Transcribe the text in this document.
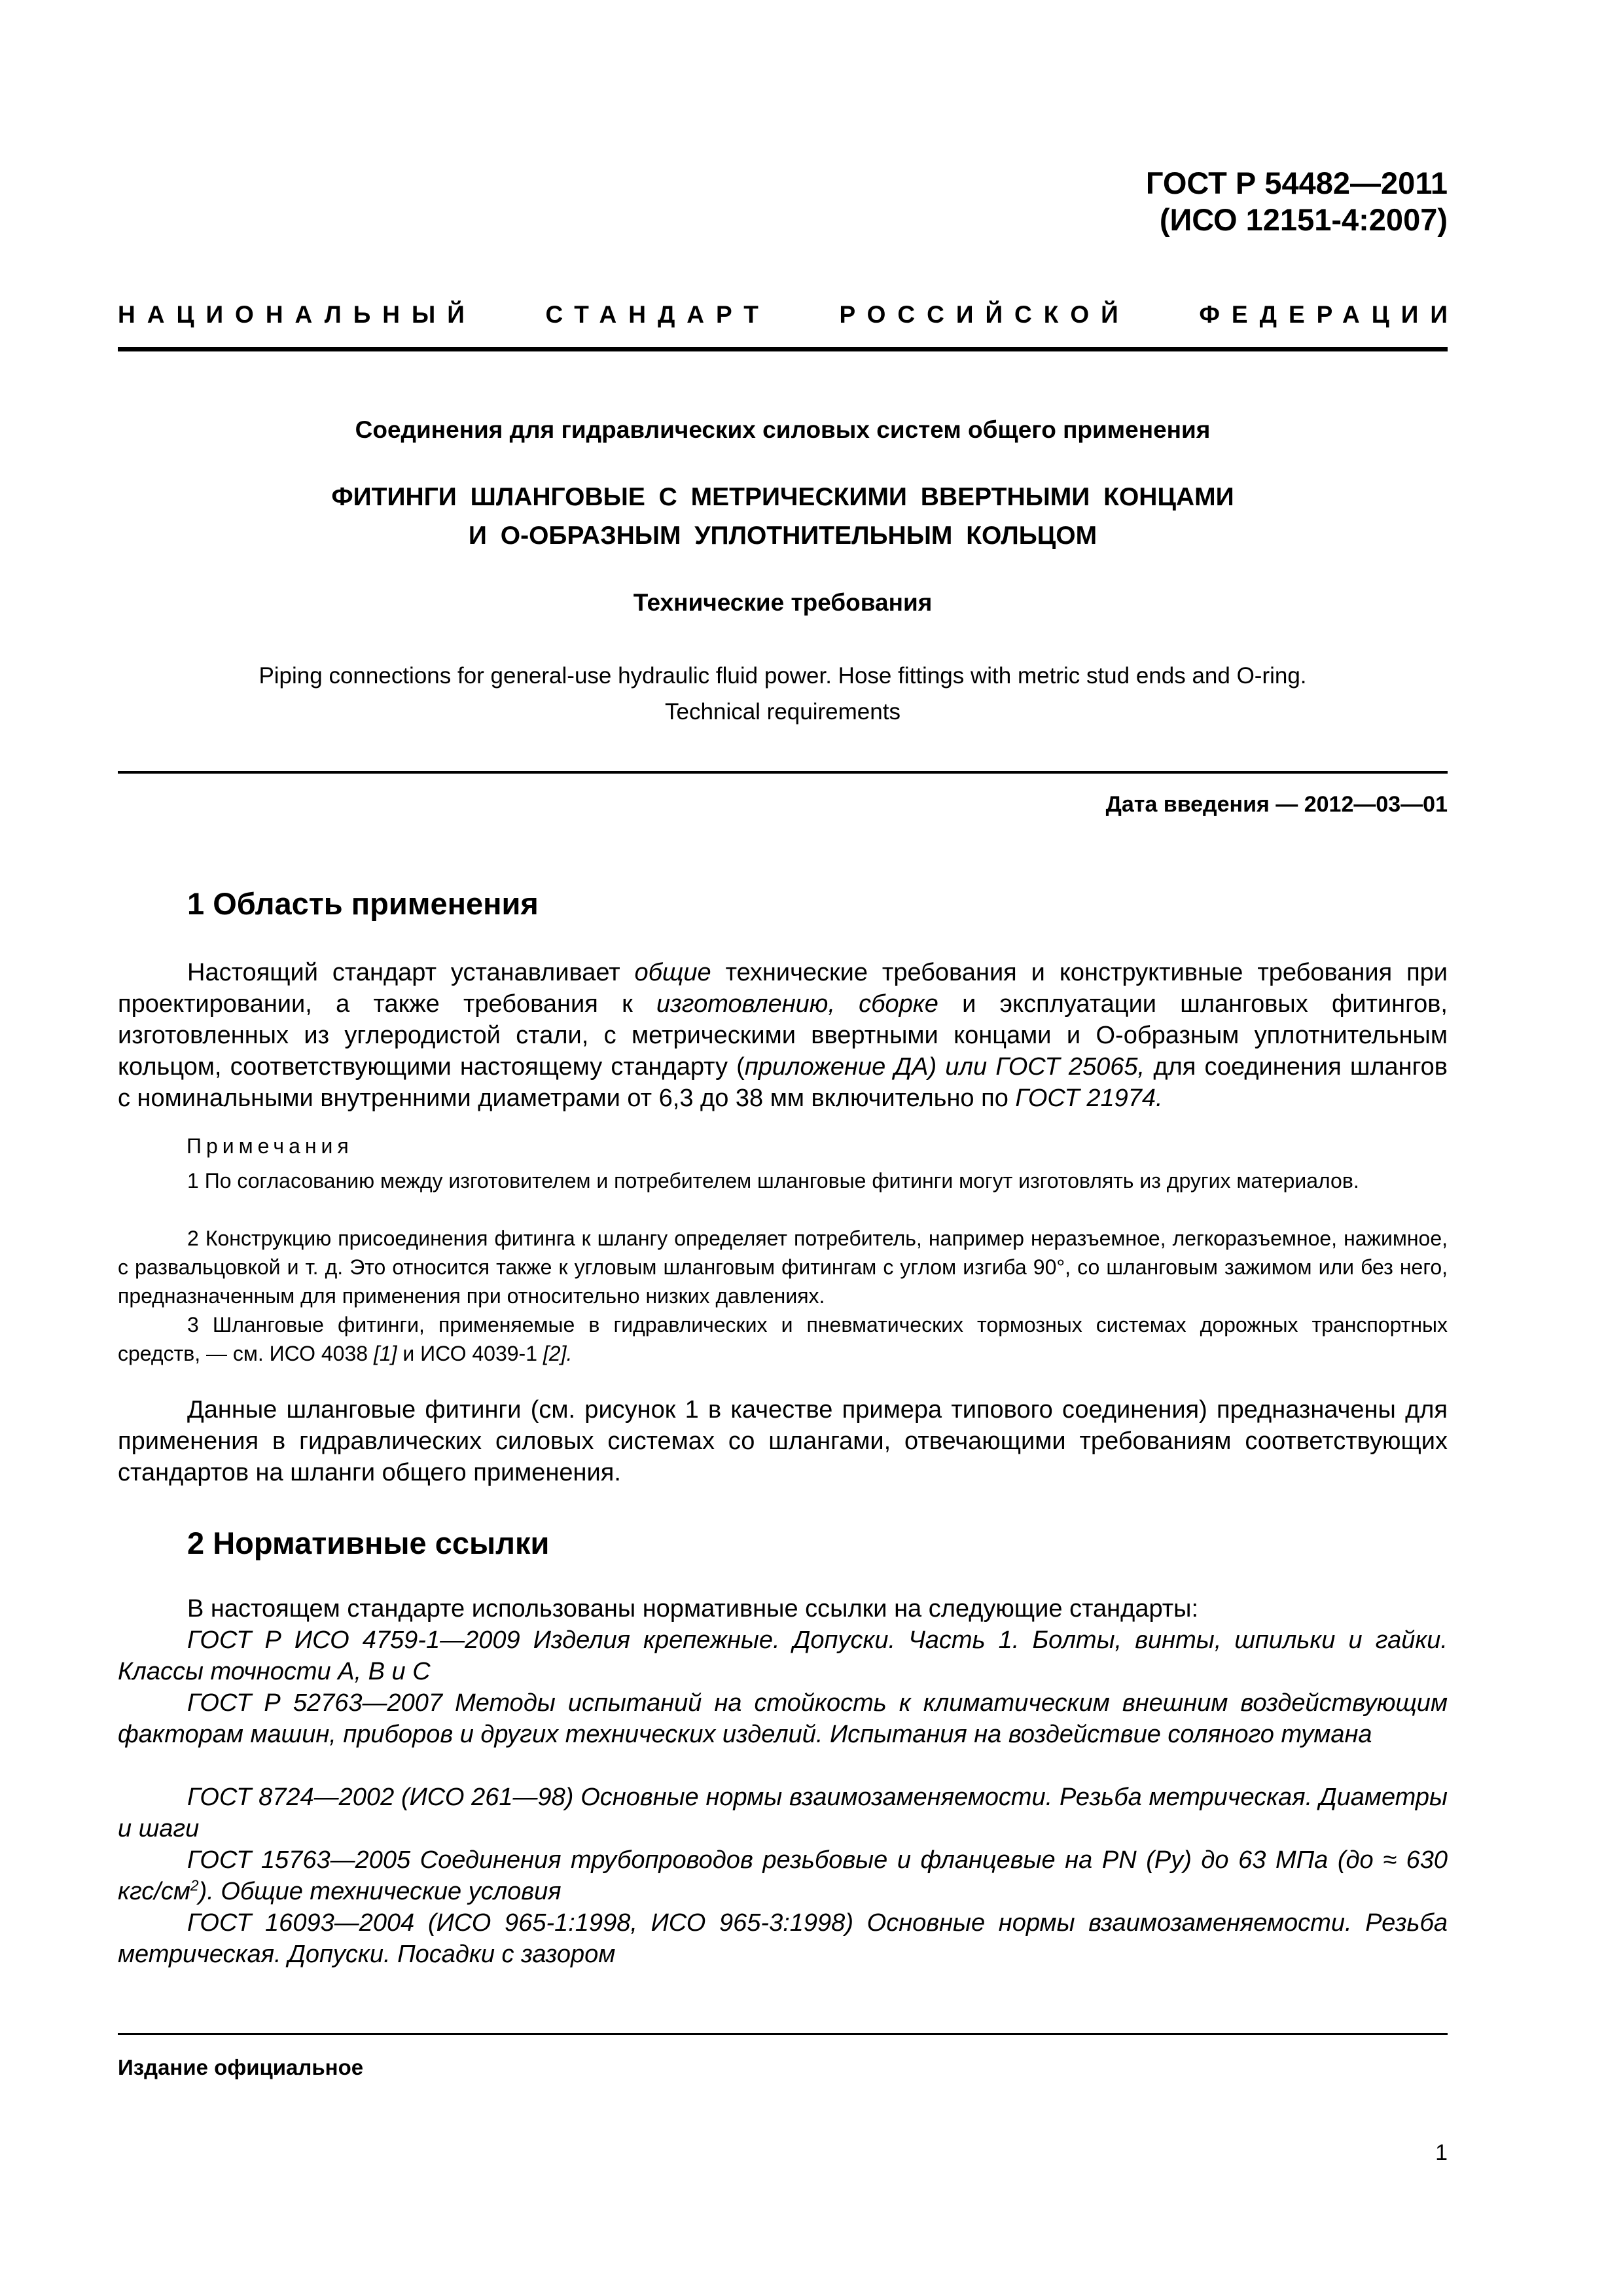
ГОСТ Р 54482—2011
(ИСО 12151-4:2007)
НАЦИОНАЛЬНЫЙ	СТАНДАРТ	РОССИЙСКОЙ	ФЕДЕРАЦИИ
Соединения для гидравлических силовых систем общего применения
ФИТИНГИ ШЛАНГОВЫЕ С МЕТРИЧЕСКИМИ ВВЕРТНЫМИ КОНЦАМИ
И О-ОБРАЗНЫМ УПЛОТНИТЕЛЬНЫМ КОЛЬЦОМ
Технические требования
Piping connections for general-use hydraulic fluid power. Hose fittings with metric stud ends and O-ring.
Technical requirements
Дата введения — 2012—03—01
1 Область применения
Настоящий стандарт устанавливает общие технические требования и конструктивные требования при проектировании, а также требования к изготовлению, сборке и эксплуатации шланговых фитингов, изготовленных из углеродистой стали, с метрическими ввертными концами и О-образным уплотнительным кольцом, соответствующими настоящему стандарту (приложение ДА) или ГОСТ 25065, для соединения шлангов с номинальными внутренними диаметрами от 6,3 до 38 мм включительно по ГОСТ 21974.
Примечания
1 По согласованию между изготовителем и потребителем шланговые фитинги могут изготовлять из других материалов.
2 Конструкцию присоединения фитинга к шлангу определяет потребитель, например неразъемное, легкоразъемное, нажимное, с развальцовкой и т. д. Это относится также к угловым шланговым фитингам с углом изгиба 90°, со шланговым зажимом или без него, предназначенным для применения при относительно низких давлениях.
3 Шланговые фитинги, применяемые в гидравлических и пневматических тормозных системах дорожных транспортных средств, — см. ИСО 4038 [1] и ИСО 4039-1 [2].
Данные шланговые фитинги (см. рисунок 1 в качестве примера типового соединения) предназначены для применения в гидравлических силовых системах со шлангами, отвечающими требованиям соответствующих стандартов на шланги общего применения.
2 Нормативные ссылки
В настоящем стандарте использованы нормативные ссылки на следующие стандарты:
ГОСТ Р ИСО 4759-1—2009 Изделия крепежные. Допуски. Часть 1. Болты, винты, шпильки и гайки. Классы точности А, В и С
ГОСТ Р 52763—2007 Методы испытаний на стойкость к климатическим внешним воздействующим факторам машин, приборов и других технических изделий. Испытания на воздействие соляного тумана
ГОСТ 8724—2002 (ИСО 261—98) Основные нормы взаимозаменяемости. Резьба метрическая. Диаметры и шаги
ГОСТ 15763—2005 Соединения трубопроводов резьбовые и фланцевые на PN (Ру) до 63 МПа (до ≈ 630 кгс/$см^2$). Общие технические условия
ГОСТ 16093—2004 (ИСО 965-1:1998, ИСО 965-3:1998) Основные нормы взаимозаменяемости. Резьба метрическая. Допуски. Посадки с зазором
Издание официальное
1
